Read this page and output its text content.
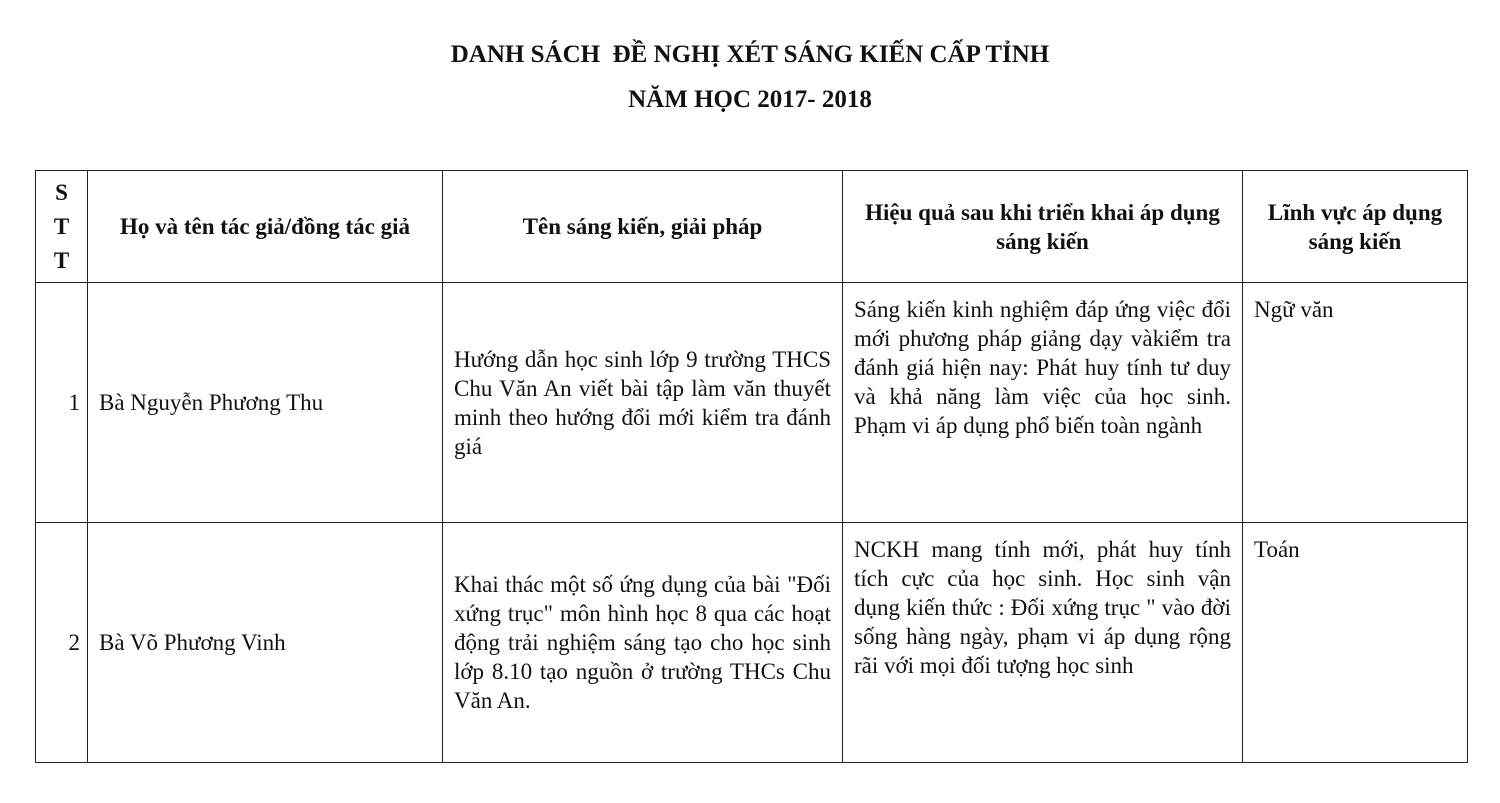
DANH SÁCH  ĐỀ NGHỊ XÉT SÁNG KIẾN CẤP TỈNH
NĂM HỌC 2017- 2018
S
T
T	Họ và tên tác giả/đồng tác giả	Tên sáng kiến, giải pháp	Hiệu quả sau khi triển khai áp dụng sáng kiến	Lĩnh vực áp dụng sáng kiến
1	Bà Nguyễn Phương Thu	Hướng dẫn học sinh lớp 9 trường THCS Chu Văn An viết bài tập làm văn thuyết minh theo hướng đổi mới kiểm tra đánh giá	Sáng kiến kinh nghiệm đáp ứng việc đổi mới phương pháp giảng dạy vàkiểm tra đánh giá hiện nay: Phát huy tính tư duy và khả năng làm việc của học sinh. Phạm vi áp dụng phổ biến toàn ngành	Ngữ văn
2	Bà Võ Phương Vinh	Khai thác một số ứng dụng của bài "Đối xứng trục" môn hình học 8 qua các hoạt động trải nghiệm sáng tạo cho học sinh lớp 8.10 tạo nguồn ở trường THCs Chu Văn An.	NCKH mang tính mới, phát huy tính tích cực của học sinh. Học sinh vận dụng kiến thức : Đối xứng trục " vào đời sống hàng ngày, phạm vi áp dụng rộng rãi với mọi đối tượng học sinh	Toán
